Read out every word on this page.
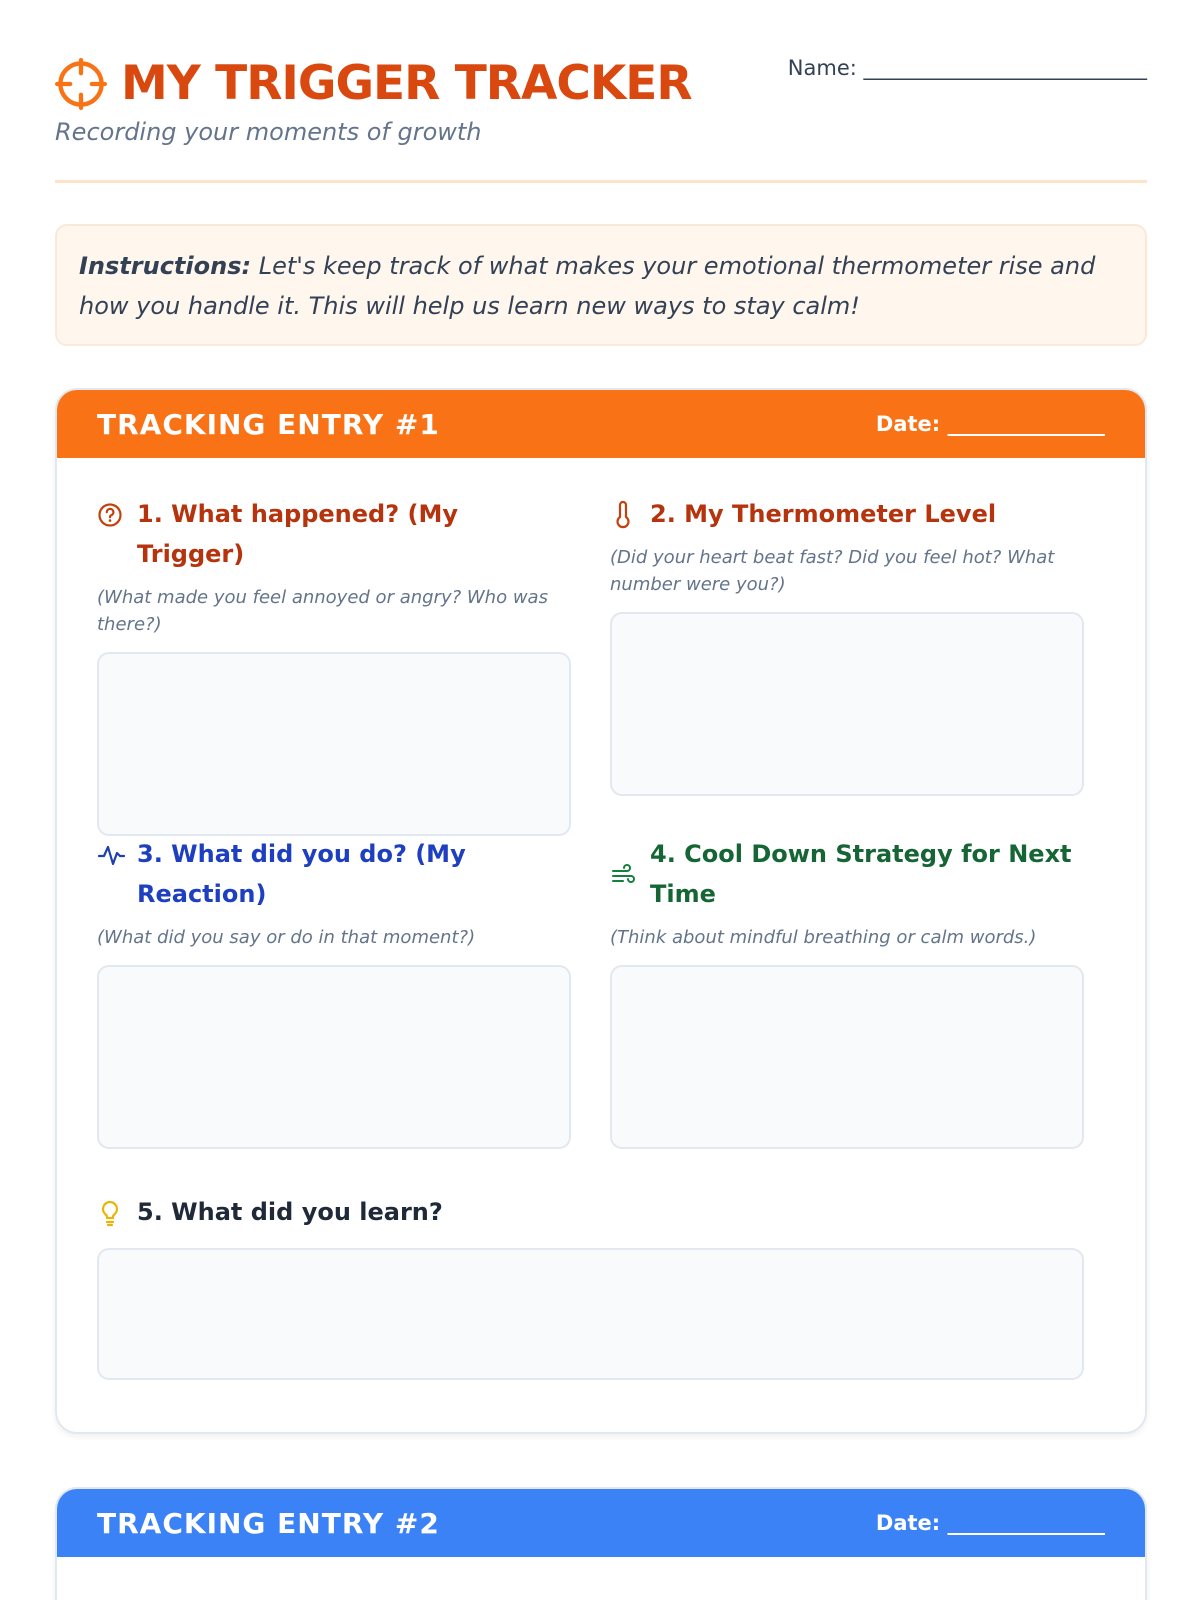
MY TRIGGER TRACKER
Recording your moments of growth
Name: ___________________________
Instructions: Let's keep track of what makes your emotional thermometer rise and how you handle it. This will help us learn new ways to stay calm!
TRACKING ENTRY #1	Date: _______________
1. What happened? (My Trigger)
(What made you feel annoyed or angry? Who was there?)
2. My Thermometer Level
(Did your heart beat fast? Did you feel hot? What number were you?)
3. What did you do? (My Reaction)
(What did you say or do in that moment?)
4. Cool Down Strategy for Next Time
(Think about mindful breathing or calm words.)
5. What did you learn?
TRACKING ENTRY #2	Date: _______________
